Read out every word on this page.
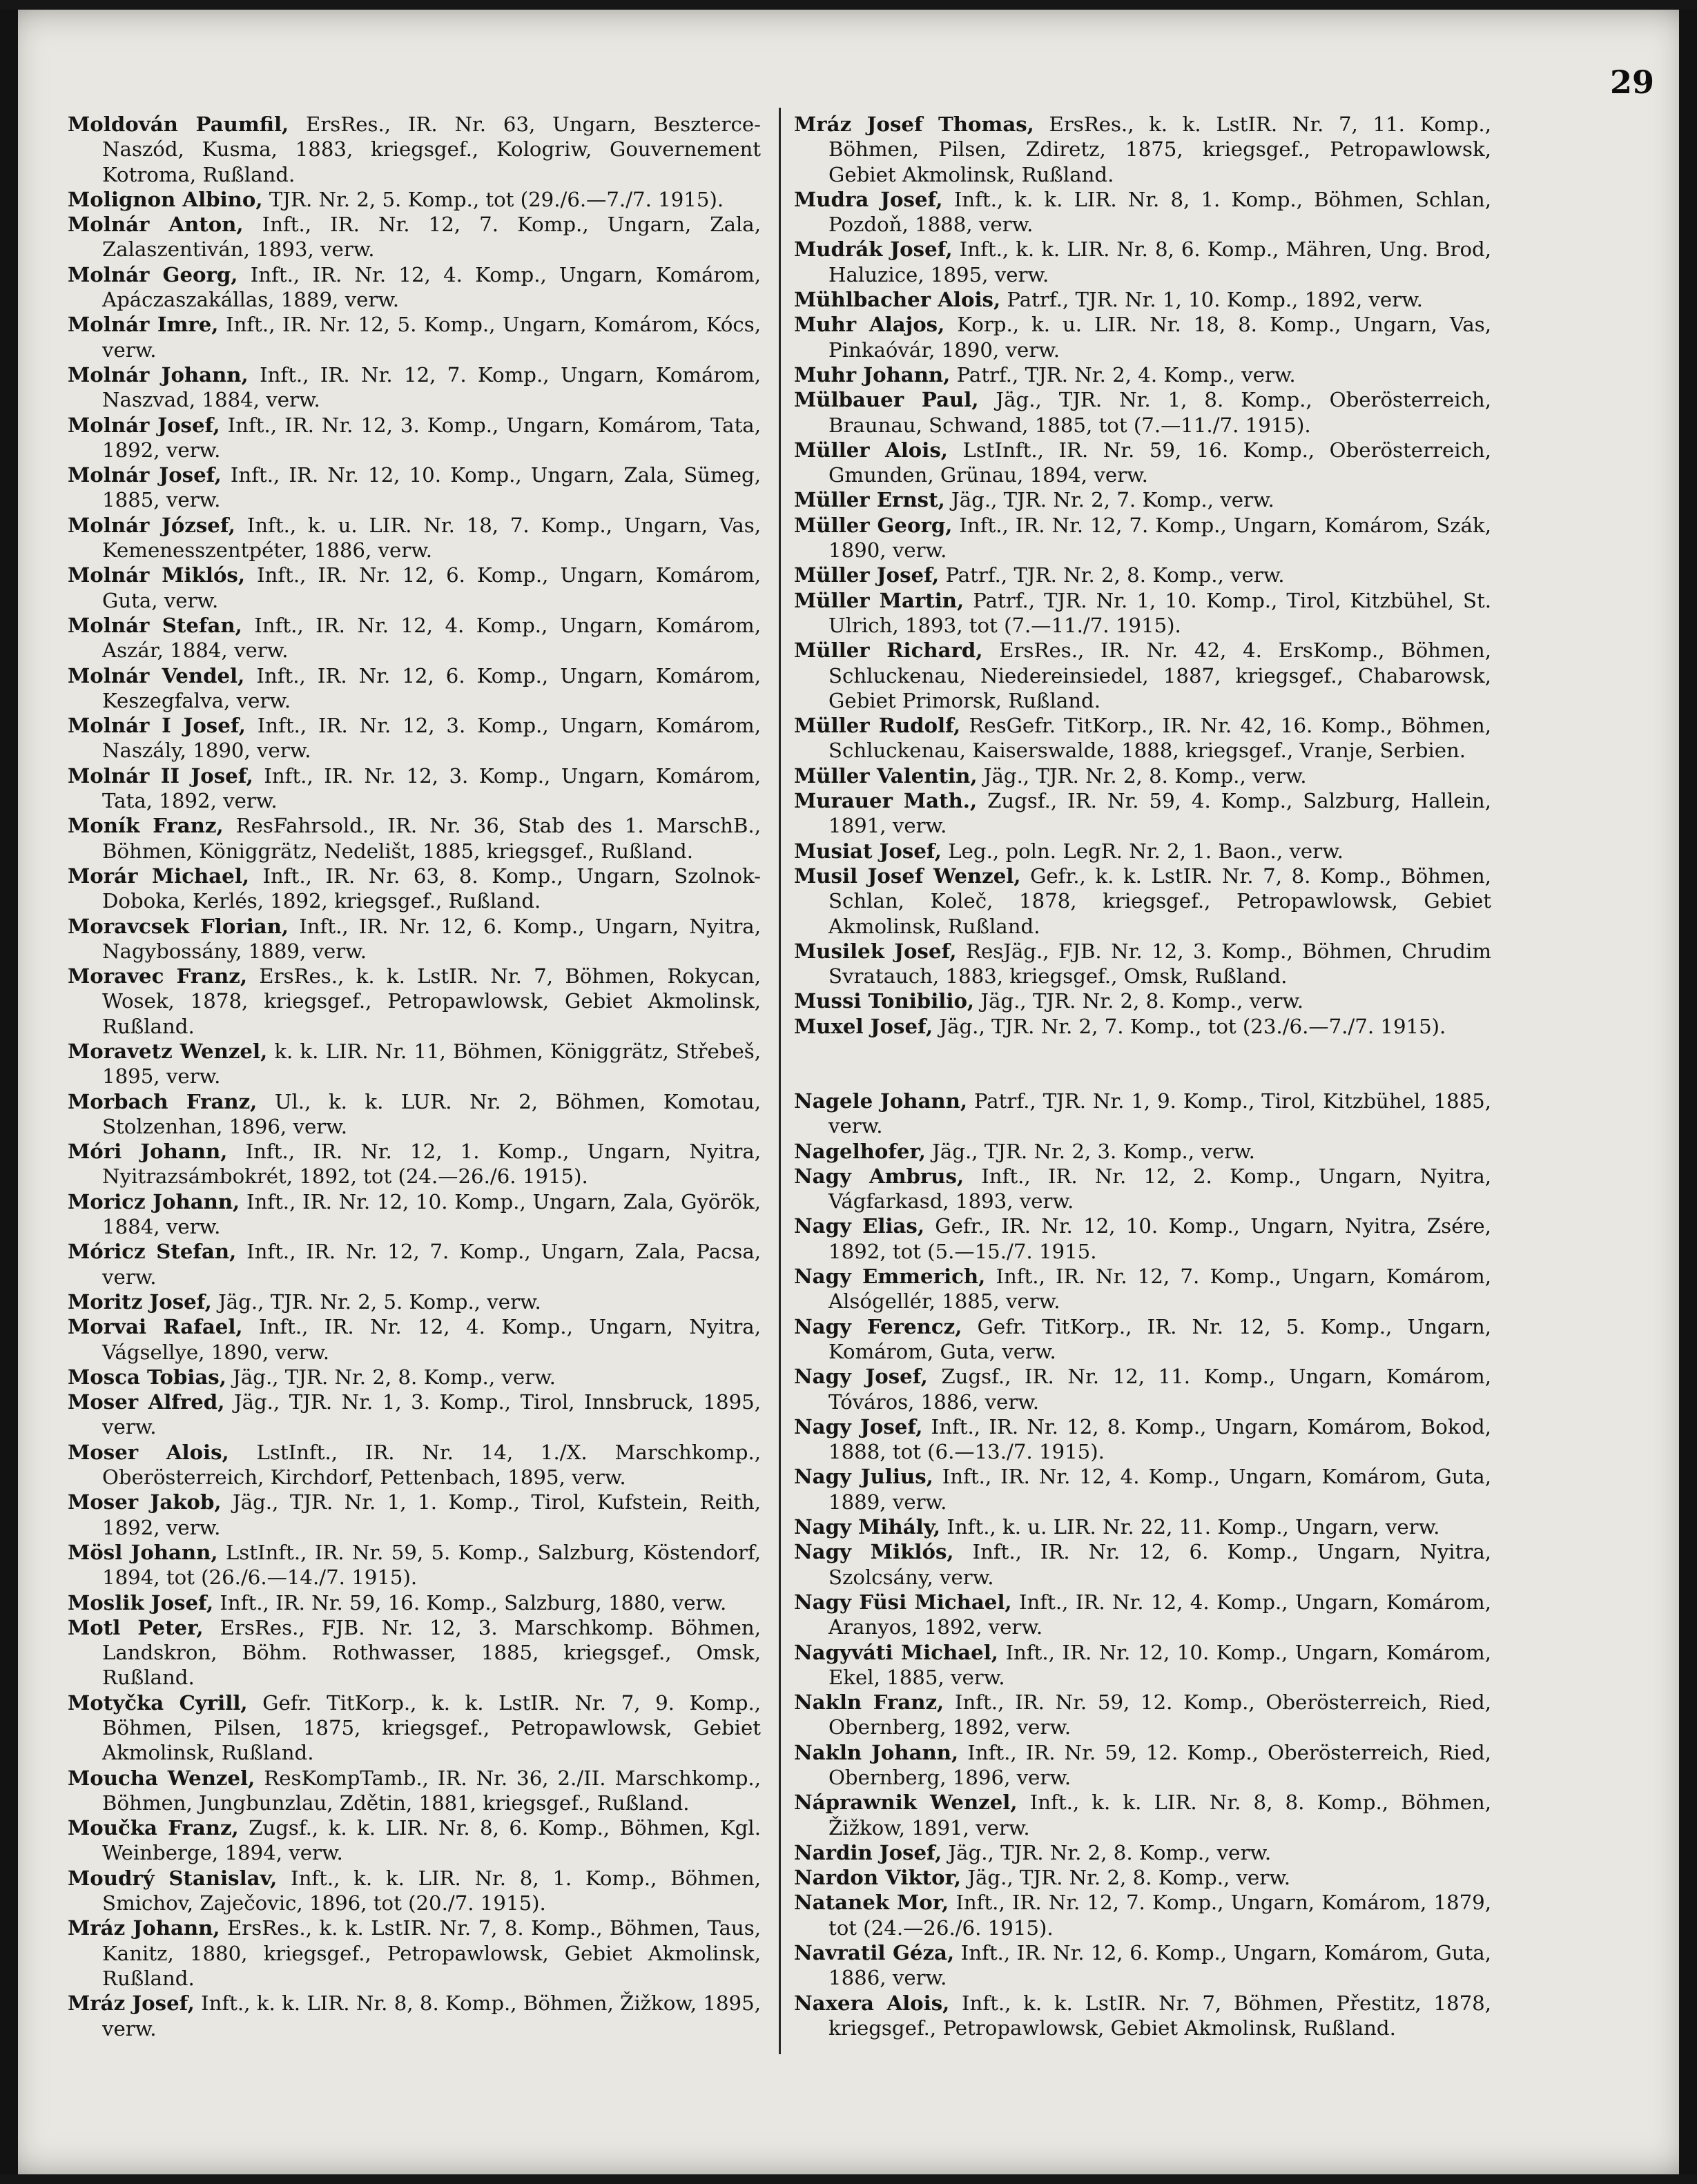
29

Moldován Paumfil, ErsRes., IR. Nr. 63, Ungarn, Beszterce-Naszód, Kusma, 1883, kriegsgef., Kologriw, Gouvernement Kotroma, Rußland.

Molignon Albino, TJR. Nr. 2, 5. Komp., tot (29./6.—7./7. 1915).

Molnár Anton, Inft., IR. Nr. 12, 7. Komp., Ungarn, Zala, Zalaszentiván, 1893, verw.

Molnár Georg, Inft., IR. Nr. 12, 4. Komp., Ungarn, Komárom, Apáczaszakállas, 1889, verw.

Molnár Imre, Inft., IR. Nr. 12, 5. Komp., Ungarn, Komárom, Kócs, verw.

Molnár Johann, Inft., IR. Nr. 12, 7. Komp., Ungarn, Komárom, Naszvad, 1884, verw.

Molnár Josef, Inft., IR. Nr. 12, 3. Komp., Ungarn, Komárom, Tata, 1892, verw.

Molnár Josef, Inft., IR. Nr. 12, 10. Komp., Ungarn, Zala, Sümeg, 1885, verw.

Molnár József, Inft., k. u. LIR. Nr. 18, 7. Komp., Ungarn, Vas, Kemenesszentpéter, 1886, verw.

Molnár Miklós, Inft., IR. Nr. 12, 6. Komp., Ungarn, Komárom, Guta, verw.

Molnár Stefan, Inft., IR. Nr. 12, 4. Komp., Ungarn, Komárom, Aszár, 1884, verw.

Molnár Vendel, Inft., IR. Nr. 12, 6. Komp., Ungarn, Komárom, Keszegfalva, verw.

Molnár I Josef, Inft., IR. Nr. 12, 3. Komp., Ungarn, Komárom, Naszály, 1890, verw.

Molnár II Josef, Inft., IR. Nr. 12, 3. Komp., Ungarn, Komárom, Tata, 1892, verw.

Moník Franz, ResFahrsold., IR. Nr. 36, Stab des 1. MarschB., Böhmen, Königgrätz, Nedelišt, 1885, kriegsgef., Rußland.

Morár Michael, Inft., IR. Nr. 63, 8. Komp., Ungarn, Szolnok-Doboka, Kerlés, 1892, kriegsgef., Rußland.

Moravcsek Florian, Inft., IR. Nr. 12, 6. Komp., Ungarn, Nyitra, Nagybossány, 1889, verw.

Moravec Franz, ErsRes., k. k. LstIR. Nr. 7, Böhmen, Rokycan, Wosek, 1878, kriegsgef., Petropawlowsk, Gebiet Akmolinsk, Rußland.

Moravetz Wenzel, k. k. LIR. Nr. 11, Böhmen, Königgrätz, Střebeš, 1895, verw.

Morbach Franz, Ul., k. k. LUR. Nr. 2, Böhmen, Komotau, Stolzenhan, 1896, verw.

Móri Johann, Inft., IR. Nr. 12, 1. Komp., Ungarn, Nyitra, Nyitrazsámbokrét, 1892, tot (24.—26./6. 1915).

Moricz Johann, Inft., IR. Nr. 12, 10. Komp., Ungarn, Zala, Györök, 1884, verw.

Móricz Stefan, Inft., IR. Nr. 12, 7. Komp., Ungarn, Zala, Pacsa, verw.

Moritz Josef, Jäg., TJR. Nr. 2, 5. Komp., verw.

Morvai Rafael, Inft., IR. Nr. 12, 4. Komp., Ungarn, Nyitra, Vágsellye, 1890, verw.

Mosca Tobias, Jäg., TJR. Nr. 2, 8. Komp., verw.

Moser Alfred, Jäg., TJR. Nr. 1, 3. Komp., Tirol, Innsbruck, 1895, verw.

Moser Alois, LstInft., IR. Nr. 14, 1./X. Marschkomp., Oberösterreich, Kirchdorf, Pettenbach, 1895, verw.

Moser Jakob, Jäg., TJR. Nr. 1, 1. Komp., Tirol, Kufstein, Reith, 1892, verw.

Mösl Johann, LstInft., IR. Nr. 59, 5. Komp., Salzburg, Köstendorf, 1894, tot (26./6.—14./7. 1915).

Moslik Josef, Inft., IR. Nr. 59, 16. Komp., Salzburg, 1880, verw.

Motl Peter, ErsRes., FJB. Nr. 12, 3. Marschkomp. Böhmen, Landskron, Böhm. Rothwasser, 1885, kriegsgef., Omsk, Rußland.

Motyčka Cyrill, Gefr. TitKorp., k. k. LstIR. Nr. 7, 9. Komp., Böhmen, Pilsen, 1875, kriegsgef., Petropawlowsk, Gebiet Akmolinsk, Rußland.

Moucha Wenzel, ResKompTamb., IR. Nr. 36, 2./II. Marschkomp., Böhmen, Jungbunzlau, Zdětin, 1881, kriegsgef., Rußland.

Moučka Franz, Zugsf., k. k. LIR. Nr. 8, 6. Komp., Böhmen, Kgl. Weinberge, 1894, verw.

Moudrý Stanislav, Inft., k. k. LIR. Nr. 8, 1. Komp., Böhmen, Smichov, Zaječovic, 1896, tot (20./7. 1915).

Mráz Johann, ErsRes., k. k. LstIR. Nr. 7, 8. Komp., Böhmen, Taus, Kanitz, 1880, kriegsgef., Petropawlowsk, Gebiet Akmolinsk, Rußland.

Mráz Josef, Inft., k. k. LIR. Nr. 8, 8. Komp., Böhmen, Žižkow, 1895, verw.

Mráz Josef Thomas, ErsRes., k. k. LstIR. Nr. 7, 11. Komp., Böhmen, Pilsen, Zdiretz, 1875, kriegsgef., Petropawlowsk, Gebiet Akmolinsk, Rußland.

Mudra Josef, Inft., k. k. LIR. Nr. 8, 1. Komp., Böhmen, Schlan, Pozdoň, 1888, verw.

Mudrák Josef, Inft., k. k. LIR. Nr. 8, 6. Komp., Mähren, Ung. Brod, Haluzice, 1895, verw.

Mühlbacher Alois, Patrf., TJR. Nr. 1, 10. Komp., 1892, verw.

Muhr Alajos, Korp., k. u. LIR. Nr. 18, 8. Komp., Ungarn, Vas, Pinkaóvár, 1890, verw.

Muhr Johann, Patrf., TJR. Nr. 2, 4. Komp., verw.

Mülbauer Paul, Jäg., TJR. Nr. 1, 8. Komp., Oberösterreich, Braunau, Schwand, 1885, tot (7.—11./7. 1915).

Müller Alois, LstInft., IR. Nr. 59, 16. Komp., Oberösterreich, Gmunden, Grünau, 1894, verw.

Müller Ernst, Jäg., TJR. Nr. 2, 7. Komp., verw.

Müller Georg, Inft., IR. Nr. 12, 7. Komp., Ungarn, Komárom, Szák, 1890, verw.

Müller Josef, Patrf., TJR. Nr. 2, 8. Komp., verw.

Müller Martin, Patrf., TJR. Nr. 1, 10. Komp., Tirol, Kitzbühel, St. Ulrich, 1893, tot (7.—11./7. 1915).

Müller Richard, ErsRes., IR. Nr. 42, 4. ErsKomp., Böhmen, Schluckenau, Niedereinsiedel, 1887, kriegsgef., Chabarowsk, Gebiet Primorsk, Rußland.

Müller Rudolf, ResGefr. TitKorp., IR. Nr. 42, 16. Komp., Böhmen, Schluckenau, Kaiserswalde, 1888, kriegsgef., Vranje, Serbien.

Müller Valentin, Jäg., TJR. Nr. 2, 8. Komp., verw.

Murauer Math., Zugsf., IR. Nr. 59, 4. Komp., Salzburg, Hallein, 1891, verw.

Musiat Josef, Leg., poln. LegR. Nr. 2, 1. Baon., verw.

Musil Josef Wenzel, Gefr., k. k. LstIR. Nr. 7, 8. Komp., Böhmen, Schlan, Koleč, 1878, kriegsgef., Petropawlowsk, Gebiet Akmolinsk, Rußland.

Musilek Josef, ResJäg., FJB. Nr. 12, 3. Komp., Böhmen, Chrudim Svratauch, 1883, kriegsgef., Omsk, Rußland.

Mussi Tonibilio, Jäg., TJR. Nr. 2, 8. Komp., verw.

Muxel Josef, Jäg., TJR. Nr. 2, 7. Komp., tot (23./6.—7./7. 1915).

Nagele Johann, Patrf., TJR. Nr. 1, 9. Komp., Tirol, Kitzbühel, 1885, verw.

Nagelhofer, Jäg., TJR. Nr. 2, 3. Komp., verw.

Nagy Ambrus, Inft., IR. Nr. 12, 2. Komp., Ungarn, Nyitra, Vágfarkasd, 1893, verw.

Nagy Elias, Gefr., IR. Nr. 12, 10. Komp., Ungarn, Nyitra, Zsére, 1892, tot (5.—15./7. 1915.

Nagy Emmerich, Inft., IR. Nr. 12, 7. Komp., Ungarn, Komárom, Alsógellér, 1885, verw.

Nagy Ferencz, Gefr. TitKorp., IR. Nr. 12, 5. Komp., Ungarn, Komárom, Guta, verw.

Nagy Josef, Zugsf., IR. Nr. 12, 11. Komp., Ungarn, Komárom, Tóváros, 1886, verw.

Nagy Josef, Inft., IR. Nr. 12, 8. Komp., Ungarn, Komárom, Bokod, 1888, tot (6.—13./7. 1915).

Nagy Julius, Inft., IR. Nr. 12, 4. Komp., Ungarn, Komárom, Guta, 1889, verw.

Nagy Mihály, Inft., k. u. LIR. Nr. 22, 11. Komp., Ungarn, verw.

Nagy Miklós, Inft., IR. Nr. 12, 6. Komp., Ungarn, Nyitra, Szolcsány, verw.

Nagy Füsi Michael, Inft., IR. Nr. 12, 4. Komp., Ungarn, Komárom, Aranyos, 1892, verw.

Nagyváti Michael, Inft., IR. Nr. 12, 10. Komp., Ungarn, Komárom, Ekel, 1885, verw.

Nakln Franz, Inft., IR. Nr. 59, 12. Komp., Oberösterreich, Ried, Obernberg, 1892, verw.

Nakln Johann, Inft., IR. Nr. 59, 12. Komp., Oberösterreich, Ried, Obernberg, 1896, verw.

Náprawnik Wenzel, Inft., k. k. LIR. Nr. 8, 8. Komp., Böhmen, Žižkow, 1891, verw.

Nardin Josef, Jäg., TJR. Nr. 2, 8. Komp., verw.

Nardon Viktor, Jäg., TJR. Nr. 2, 8. Komp., verw.

Natanek Mor, Inft., IR. Nr. 12, 7. Komp., Ungarn, Komárom, 1879, tot (24.—26./6. 1915).

Navratil Géza, Inft., IR. Nr. 12, 6. Komp., Ungarn, Komárom, Guta, 1886, verw.

Naxera Alois, Inft., k. k. LstIR. Nr. 7, Böhmen, Přestitz, 1878, kriegsgef., Petropawlowsk, Gebiet Akmolinsk, Rußland.
